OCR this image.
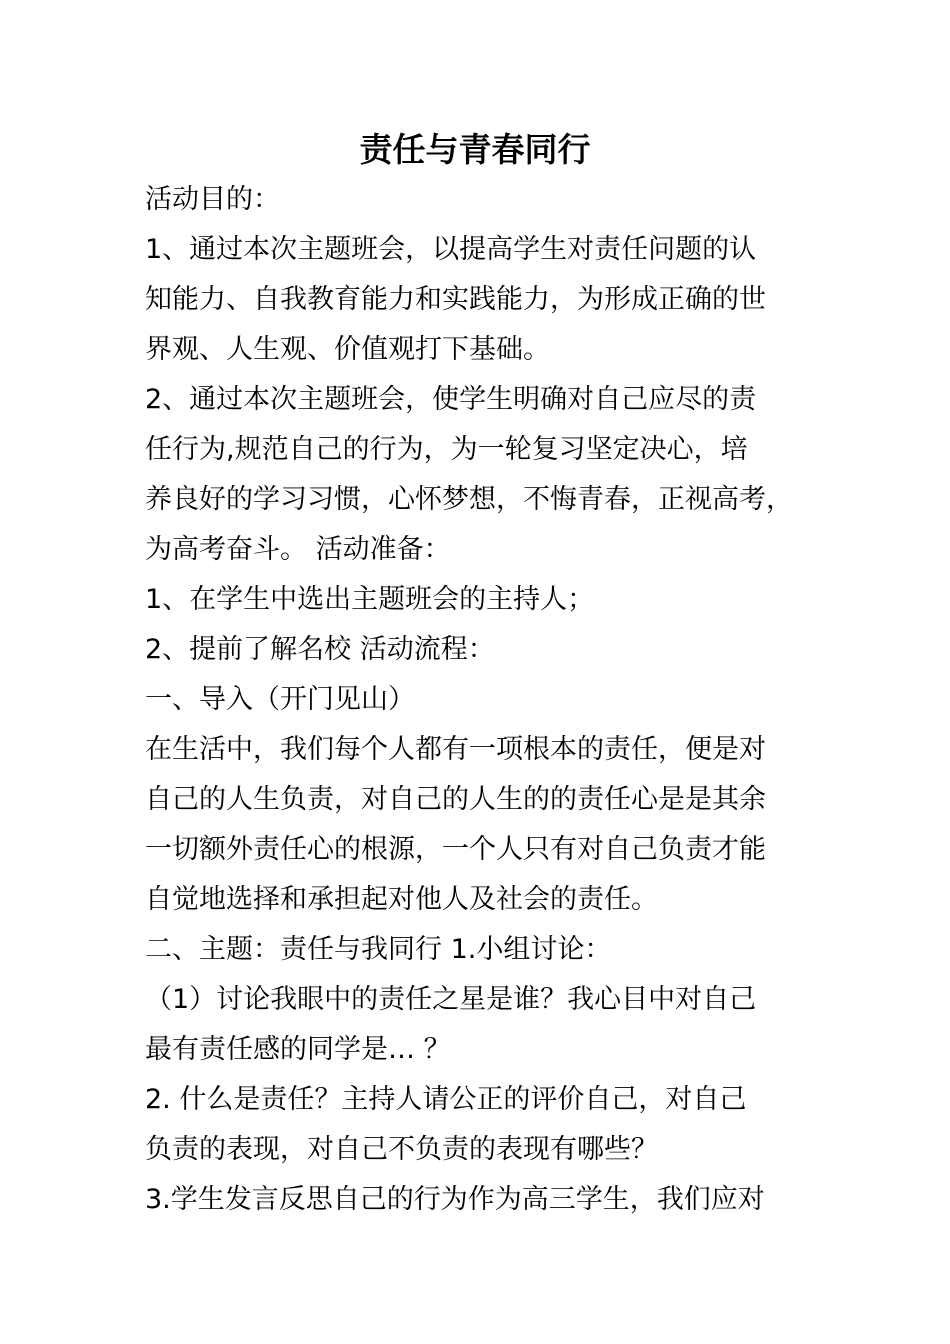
责任与青春同行
活动目的：
1、通过本次主题班会，以提高学生对责任问题的认
知能力、自我教育能力和实践能力，为形成正确的世
界观、人生观、价值观打下基础。
2、通过本次主题班会，使学生明确对自己应尽的责
任行为,规范自己的行为，为一轮复习坚定决心，培
养良好的学习习惯，心怀梦想，不悔青春，正视高考，
为高考奋斗。 活动准备：
1、在学生中选出主题班会的主持人；
2、提前了解名校 活动流程：
一、导入（开门见山）
在生活中，我们每个人都有一项根本的责任，便是对
自己的人生负责，对自己的人生的的责任心是是其余
一切额外责任心的根源，一个人只有对自己负责才能
自觉地选择和承担起对他人及社会的责任。
二、主题：责任与我同行 1.小组讨论：
（1）讨论我眼中的责任之星是谁？我心目中对自己
最有责任感的同学是… ？
2. 什么是责任？主持人请公正的评价自己，对自己
负责的表现，对自己不负责的表现有哪些？
3.学生发言反思自己的行为作为高三学生，我们应对
